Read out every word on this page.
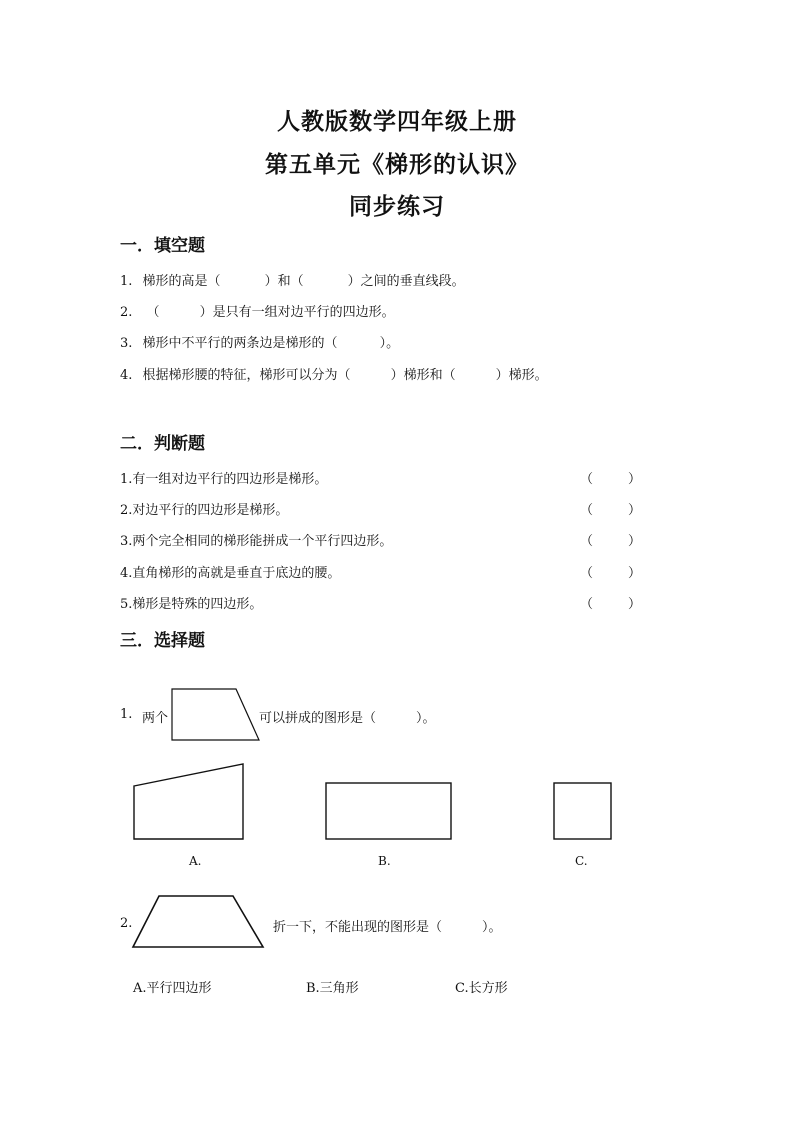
人教版数学四年级上册
第五单元《梯形的认识》
同步练习
一．填空题
1. 梯形的高是（	）和（	）之间的垂直线段。
2. （	）是只有一组对边平行的四边形。
3. 梯形中不平行的两条边是梯形的（	）。
4. 根据梯形腰的特征，梯形可以分为（	）梯形和（	）梯形。
二．判断题
1.有一组对边平行的四边形是梯形。	（	）
2.对边平行的四边形是梯形。	（	）
3.两个完全相同的梯形能拼成一个平行四边形。	（	）
4.直角梯形的高就是垂直于底边的腰。	（	）
5.梯形是特殊的四边形。	（	）
三．选择题
1. 两个	可以拼成的图形是（	）。
A.	B.	C.
2.	折一下，不能出现的图形是（	）。
A.平行四边形	B.三角形	C.长方形
